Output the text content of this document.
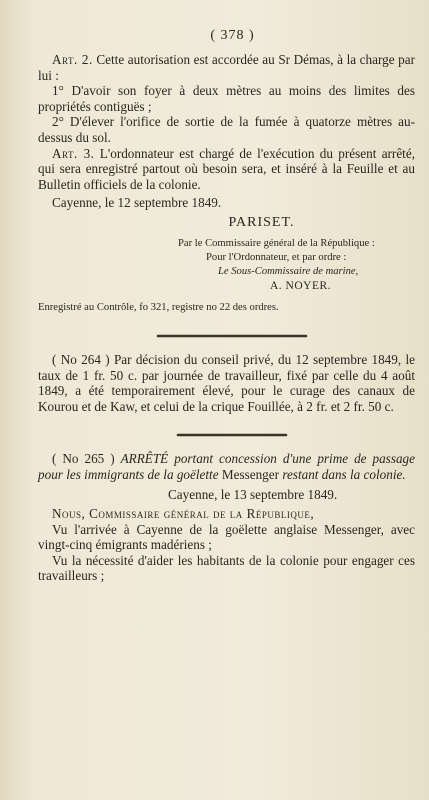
( 378 )

Art. 2. Cette autorisation est accordée au Sr Démas, à la charge par lui :

1° D'avoir son foyer à deux mètres au moins des limites des propriétés contiguës ;

2° D'élever l'orifice de sortie de la fumée à quatorze mètres au-dessus du sol.

Art. 3. L'ordonnateur est chargé de l'exécution du présent arrêté, qui sera enregistré partout où besoin sera, et inséré à la Feuille et au Bulletin officiels de la colonie.

Cayenne, le 12 septembre 1849.

PARISET.

Par le Commissaire général de la République :

Pour l'Ordonnateur, et par ordre :

Le Sous-Commissaire de marine,

A. NOYER.

Enregistré au Contrôle, fo 321, registre no 22 des ordres.

( No 264 ) Par décision du conseil privé, du 12 septembre 1849, le taux de 1 fr. 50 c. par journée de travailleur, fixé par celle du 4 août 1849, a été temporairement élevé, pour le curage des canaux de Kourou et de Kaw, et celui de la crique Fouillée, à 2 fr. et 2 fr. 50 c.

( No 265 ) ARRÊTÉ portant concession d'une prime de passage pour les immigrants de la goëlette Messenger restant dans la colonie.

Cayenne, le 13 septembre 1849.

Nous, Commissaire général de la République,

Vu l'arrivée à Cayenne de la goëlette anglaise Messenger, avec vingt-cinq émigrants madériens ;

Vu la nécessité d'aider les habitants de la colonie pour engager ces travailleurs ;
